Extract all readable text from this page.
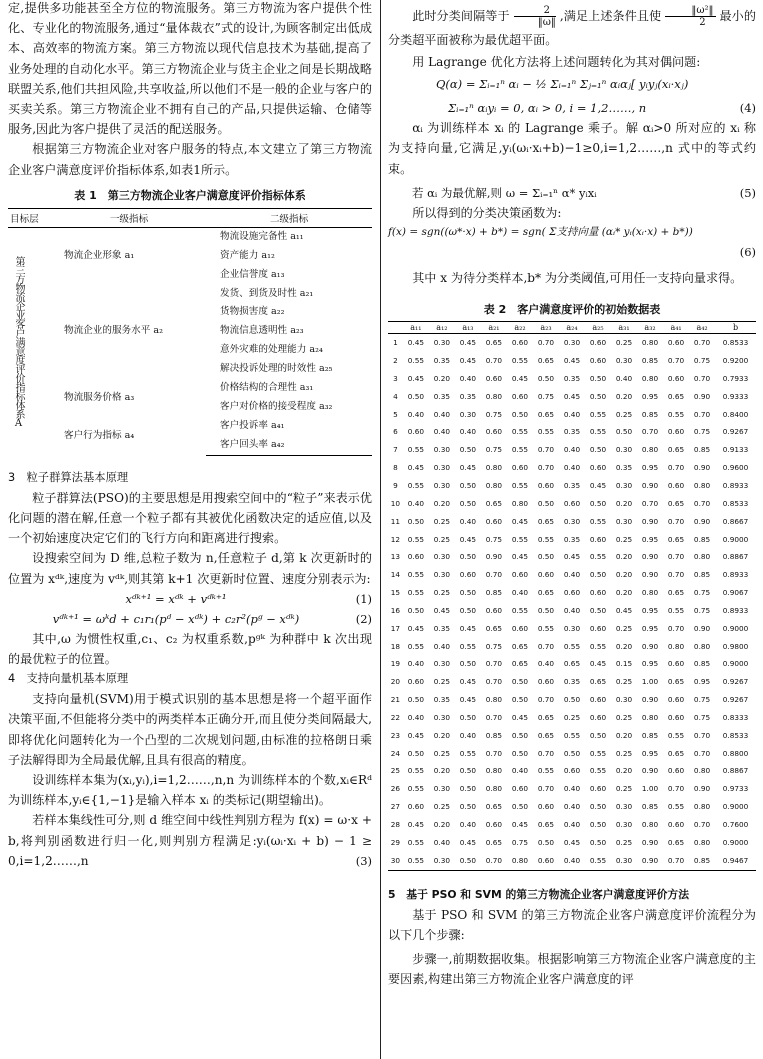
定,提供多功能甚至全方位的物流服务。第三方物流为客户提供个性化、专业化的物流服务,通过“量体裁衣”式的设计,为顾客制定出低成本、高效率的物流方案。第三方物流以现代信息技术为基础,提高了业务处理的自动化水平。第三方物流企业与货主企业之间是长期战略联盟关系,他们共担风险,共享收益,所以他们不是一般的企业与客户的买卖关系。第三方物流企业不拥有自己的产品,只提供运输、仓储等服务,因此为客户提供了灵活的配送服务。

根据第三方物流企业对客户服务的特点,本文建立了第三方物流企业客户满意度评价指标体系,如表1所示。

表 1　第三方物流企业客户满意度评价指标体系
目标层	一级指标	二级指标

第三方物流企业客户满意度评价指标体系A	物流企业形象 a₁	物流设施完备性 a₁₁
		资产能力 a₁₂
		企业信誉度 a₁₃
	物流企业的服务水平 a₂	发货、到货及时性 a₂₁
		货物损害度 a₂₂
		物流信息透明性 a₂₃
		意外灾难的处理能力 a₂₄
		解决投诉处理的时效性 a₂₅
	物流服务价格 a₃	价格结构的合理性 a₃₁
		客户对价格的接受程度 a₃₂
	客户行为指标 a₄	客户投诉率 a₄₁
		客户回头率 a₄₂
3　粒子群算法基本原理

粒子群算法(PSO)的主要思想是用搜索空间中的“粒子”来表示优化问题的潜在解,任意一个粒子都有其被优化函数决定的适应值,以及一个初始速度决定它们的飞行方向和距离进行搜索。

设搜索空间为 D 维,总粒子数为 n,任意粒子 d,第 k 次更新时的位置为 xᵈᵏ,速度为 vᵈᵏ,则其第 k+1 次更新时位置、速度分别表示为:

xᵈᵏ⁺¹ = xᵈᵏ + vᵈᵏ⁺¹	(1)
vᵈᵏ⁺¹ = ωᵏd + c₁r₁(pᵈ − xᵈᵏ) + c₂r²(pᵍ − xᵈᵏ)	(2)

其中,ω 为惯性权重,c₁、c₂ 为权重系数,pᵍᵏ 为种群中 k 次出现的最优粒子的位置。

4　支持向量机基本原理

支持向量机(SVM)用于模式识别的基本思想是将一个超平面作决策平面,不但能将分类中的两类样本正确分开,而且使分类间隔最大,即将优化问题转化为一个凸型的二次规划问题,由标准的拉格朗日乘子法解得即为全局最优解,且具有很高的精度。

设训练样本集为(xᵢ,yᵢ),i=1,2……,n,n 为训练样本的个数,xᵢ∈Rᵈ 为训练样本,yᵢ∈{1,−1}是输入样本 xᵢ 的类标记(期望输出)。

若样本集线性可分,则 d 维空间中线性判别方程为 f(x) = ω·x + b,将判别函数进行归一化,则判别方程满足:yᵢ(ωᵢ·xᵢ + b) − 1 ≥ 0,i=1,2……,n	(3)

此时分类间隔等于 $\frac{2}{‖\omega‖}$ ,满足上述条件且使 $\frac{\text{‖ω²‖}}{2}$ 最小的分类超平面被称为最优超平面。

用 Lagrange 优化方法将上述问题转化为其对偶问题:

Q(α) = Σᵢ₌₁ⁿ αᵢ − ½ Σᵢ₌₁ⁿ Σⱼ₌₁ⁿ αᵢαⱼ[ yᵢyⱼ(xᵢ·xⱼ)
Σᵢ₌₁ⁿ αᵢyᵢ = 0, αᵢ > 0, i = 1,2……, n	(4)

αᵢ 为训练样本 xᵢ 的 Lagrange 乘子。解 αᵢ>0 所对应的 xᵢ 称为支持向量,它满足,yᵢ(ωᵢ·xᵢ+b)−1≥0,i=1,2……,n 式中的等式约束。

若 αᵢ 为最优解,则 ω = Σᵢ₌₁ⁿ α* yᵢxᵢ	(5)

所以得到的分类决策函数为:

f(x) = sgn((ω*·x) + b*) = sgn( Σ支持向量 (αᵢ* yᵢ(xᵢ·x) + b*))
(6)

其中 x 为待分类样本,b* 为分类阈值,可用任一支持向量求得。

表 2　客户满意度评价的初始数据表
	a₁₁	a₁₂	a₁₃	a₂₁	a₂₂	a₂₃	a₂₄	a₂₅	a₃₁	a₃₂	a₄₁	a₄₂	b
1	0.45	0.30	0.45	0.65	0.60	0.70	0.30	0.60	0.25	0.80	0.60	0.70	0.8533
2	0.55	0.35	0.45	0.70	0.55	0.65	0.45	0.60	0.30	0.85	0.70	0.75	0.9200
3	0.45	0.20	0.40	0.60	0.45	0.50	0.35	0.50	0.40	0.80	0.60	0.70	0.7933
4	0.50	0.35	0.35	0.80	0.60	0.75	0.45	0.50	0.20	0.95	0.65	0.90	0.9333
5	0.40	0.40	0.30	0.75	0.50	0.65	0.40	0.55	0.25	0.85	0.55	0.70	0.8400
6	0.60	0.40	0.40	0.60	0.55	0.55	0.35	0.55	0.50	0.70	0.60	0.75	0.9267
7	0.55	0.30	0.50	0.75	0.55	0.70	0.40	0.50	0.30	0.80	0.65	0.85	0.9133
8	0.45	0.30	0.45	0.80	0.60	0.70	0.40	0.60	0.35	0.95	0.70	0.90	0.9600
9	0.55	0.30	0.50	0.80	0.55	0.60	0.35	0.45	0.30	0.90	0.60	0.80	0.8933
10	0.40	0.20	0.50	0.65	0.80	0.50	0.60	0.50	0.20	0.70	0.65	0.70	0.8533
11	0.50	0.25	0.40	0.60	0.45	0.65	0.30	0.55	0.30	0.90	0.70	0.90	0.8667
12	0.55	0.25	0.45	0.75	0.55	0.55	0.35	0.60	0.25	0.95	0.65	0.85	0.9000
13	0.60	0.30	0.50	0.90	0.45	0.50	0.45	0.55	0.20	0.90	0.70	0.80	0.8867
14	0.55	0.30	0.60	0.70	0.60	0.60	0.40	0.50	0.20	0.90	0.70	0.85	0.8933
15	0.55	0.25	0.50	0.85	0.40	0.65	0.60	0.60	0.20	0.80	0.65	0.75	0.9067
16	0.50	0.45	0.50	0.60	0.55	0.50	0.40	0.50	0.45	0.95	0.55	0.75	0.8933
17	0.45	0.35	0.45	0.65	0.60	0.55	0.30	0.60	0.25	0.95	0.70	0.90	0.9000
18	0.55	0.40	0.55	0.75	0.65	0.70	0.55	0.55	0.20	0.90	0.80	0.80	0.9800
19	0.40	0.30	0.50	0.70	0.65	0.40	0.65	0.45	0.15	0.95	0.60	0.85	0.9000
20	0.60	0.25	0.45	0.70	0.50	0.60	0.35	0.65	0.25	1.00	0.65	0.95	0.9267
21	0.50	0.35	0.45	0.80	0.50	0.70	0.50	0.60	0.30	0.90	0.60	0.75	0.9267
22	0.40	0.30	0.50	0.70	0.45	0.65	0.25	0.60	0.25	0.80	0.60	0.75	0.8333
23	0.45	0.20	0.40	0.85	0.50	0.65	0.55	0.50	0.20	0.85	0.55	0.70	0.8533
24	0.50	0.25	0.55	0.70	0.50	0.70	0.50	0.55	0.25	0.95	0.65	0.70	0.8800
25	0.55	0.20	0.50	0.80	0.40	0.55	0.60	0.55	0.20	0.90	0.60	0.80	0.8867
26	0.55	0.30	0.50	0.80	0.60	0.70	0.40	0.60	0.25	1.00	0.70	0.90	0.9733
27	0.60	0.25	0.50	0.65	0.50	0.60	0.40	0.50	0.30	0.85	0.55	0.80	0.9000
28	0.45	0.20	0.40	0.60	0.45	0.65	0.40	0.50	0.30	0.80	0.60	0.70	0.7600
29	0.55	0.40	0.45	0.65	0.75	0.50	0.45	0.50	0.25	0.90	0.65	0.80	0.9000
30	0.55	0.30	0.50	0.70	0.80	0.60	0.40	0.55	0.30	0.90	0.70	0.85	0.9467
5　基于 PSO 和 SVM 的第三方物流企业客户满意度评价方法

基于 PSO 和 SVM 的第三方物流企业客户满意度评价流程分为以下几个步骤:

步骤一,前期数据收集。根据影响第三方物流企业客户满意度的主要因素,构建出第三方物流企业客户满意度的评
